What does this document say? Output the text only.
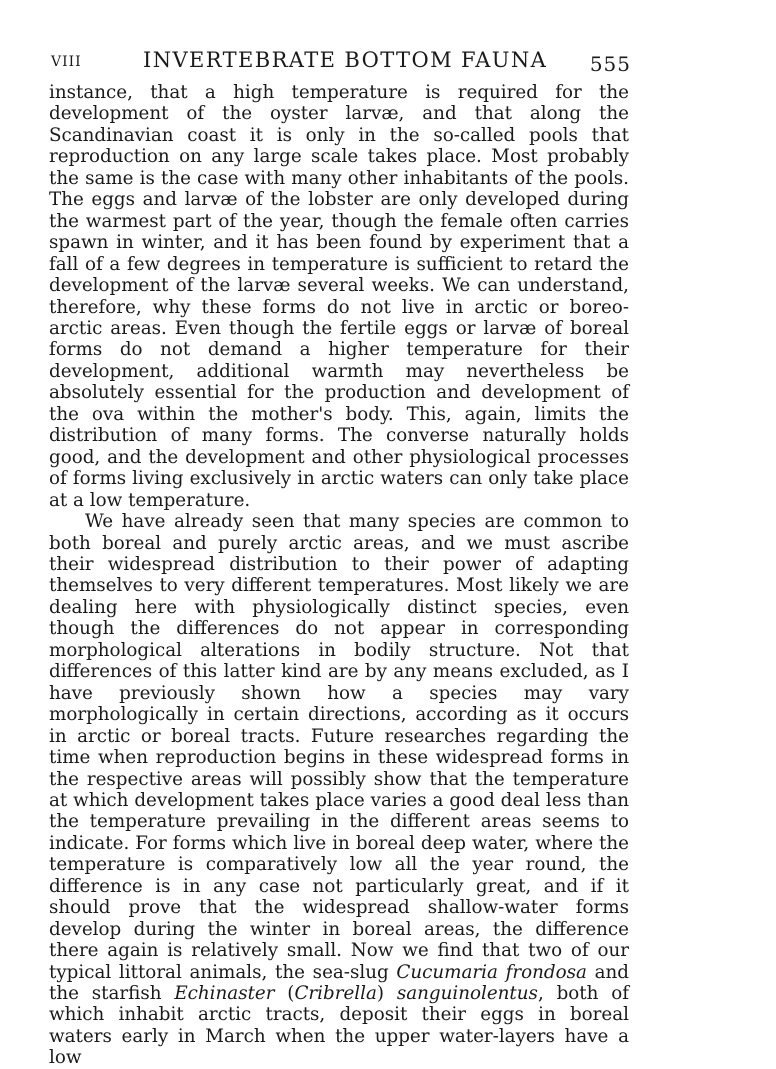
VIII	INVERTEBRATE BOTTOM FAUNA 555

instance, that a high temperature is required for the development of the oyster larvæ, and that along the Scandinavian coast it is only in the so-called pools that reproduction on any large scale takes place. Most probably the same is the case with many other inhabitants of the pools. The eggs and larvæ of the lobster are only developed during the warmest part of the year, though the female often carries spawn in winter, and it has been found by experiment that a fall of a few degrees in temperature is sufficient to retard the development of the larvæ several weeks. We can understand, therefore, why these forms do not live in arctic or boreo-arctic areas. Even though the fertile eggs or larvæ of boreal forms do not demand a higher temperature for their development, additional warmth may nevertheless be absolutely essential for the production and development of the ova within the mother's body. This, again, limits the distribution of many forms. The converse naturally holds good, and the development and other physiological processes of forms living exclusively in arctic waters can only take place at a low temperature.

We have already seen that many species are common to both boreal and purely arctic areas, and we must ascribe their widespread distribution to their power of adapting themselves to very different temperatures. Most likely we are dealing here with physiologically distinct species, even though the differences do not appear in corresponding morphological alterations in bodily structure. Not that differences of this latter kind are by any means excluded, as I have previously shown how a species may vary morphologically in certain directions, according as it occurs in arctic or boreal tracts. Future researches regarding the time when reproduction begins in these widespread forms in the respective areas will possibly show that the temperature at which development takes place varies a good deal less than the temperature prevailing in the different areas seems to indicate. For forms which live in boreal deep water, where the temperature is comparatively low all the year round, the difference is in any case not particularly great, and if it should prove that the widespread shallow-water forms develop during the winter in boreal areas, the difference there again is relatively small. Now we find that two of our typical littoral animals, the sea-slug Cucumaria frondosa and the starfish Echinaster (Cribrella) sanguinolentus, both of which inhabit arctic tracts, deposit their eggs in boreal waters early in March when the upper water-layers have a low
